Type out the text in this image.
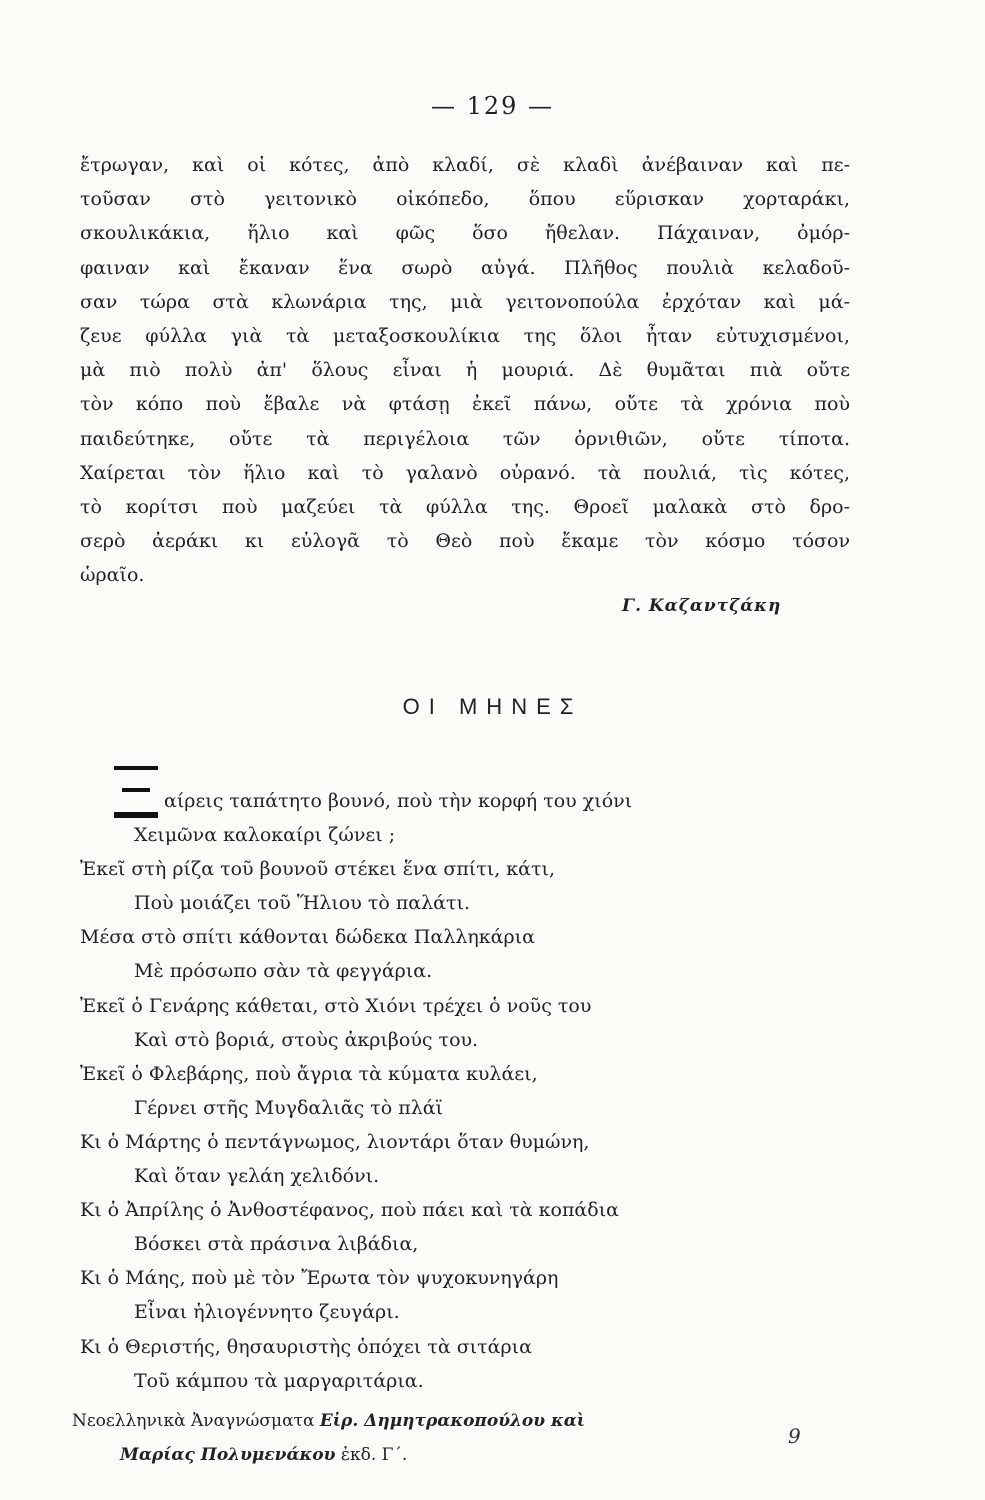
— 129 —
ἔτρωγαν, καὶ οἱ κότες, ἀπὸ κλαδί, σὲ κλαδὶ ἀνέβαιναν καὶ πε-
τοῦσαν στὸ γειτονικὸ οἰκόπεδο, ὅπου εὕρισκαν χορταράκι,
σκουλικάκια, ἥλιο καὶ φῶς ὅσο ἤθελαν. Πάχαιναν, ὀμόρ-
φαιναν καὶ ἔκαναν ἕνα σωρὸ αὐγά. Πλῆθος πουλιὰ κελαδοῦ-
σαν τώρα στὰ κλωνάρια της, μιὰ γειτονοπούλα ἐρχόταν καὶ μά-
ζευε φύλλα γιὰ τὰ μεταξοσκουλίκια της ὅλοι ἦταν εὐτυχισμένοι,
μὰ πιὸ πολὺ ἀπ' ὅλους εἶναι ἡ μουριά. Δὲ θυμᾶται πιὰ οὔτε
τὸν κόπο ποὺ ἔβαλε νὰ φτάσῃ ἐκεῖ πάνω, οὔτε τὰ χρόνια ποὺ
παιδεύτηκε, οὔτε τὰ περιγέλοια τῶν ὀρνιθιῶν, οὔτε τίποτα.
Χαίρεται τὸν ἥλιο καὶ τὸ γαλανὸ οὐρανό. τὰ πουλιά, τὶς κότες,
τὸ κορίτσι ποὺ μαζεύει τὰ φύλλα της. Θροεῖ μαλακὰ στὸ δρο-
σερὸ ἀεράκι κι εὐλογᾶ τὸ Θεὸ ποὺ ἔκαμε τὸν κόσμο τόσον
ὡραῖο.
Γ. Καζαντζάκη
ΟΙ ΜΗΝΕΣ
αίρεις ταπάτητο βουνό, ποὺ τὴν κορφή του χιόνι
Χειμῶνα καλοκαίρι ζώνει ;
Ἐκεῖ στὴ ρίζα τοῦ βουνοῦ στέκει ἕνα σπίτι, κάτι,
Ποὺ μοιάζει τοῦ Ἥλιου τὸ παλάτι.
Μέσα στὸ σπίτι κάθονται δώδεκα Παλληκάρια
Μὲ πρόσωπο σὰν τὰ φεγγάρια.
Ἐκεῖ ὁ Γενάρης κάθεται, στὸ Χιόνι τρέχει ὁ νοῦς του
Καὶ στὸ βοριά, στοὺς ἀκριβούς του.
Ἐκεῖ ὁ Φλεβάρης, ποὺ ἄγρια τὰ κύματα κυλάει,
Γέρνει στῆς Μυγδαλιᾶς τὸ πλάϊ
Κι ὁ Μάρτης ὁ πεντάγνωμος, λιοντάρι ὅταν θυμώνη,
Καὶ ὅταν γελάη χελιδόνι.
Κι ὁ Ἀπρίλης ὁ Ἀνθοστέφανος, ποὺ πάει καὶ τὰ κοπάδια
Βόσκει στὰ πράσινα λιβάδια,
Κι ὁ Μάης, ποὺ μὲ τὸν Ἔρωτα τὸν ψυχοκυνηγάρη
Εἶναι ἡλιογέννητο ζευγάρι.
Κι ὁ Θεριστής, θησαυριστὴς ὁπόχει τὰ σιτάρια
Τοῦ κάμπου τὰ μαργαριτάρια.
Νεοελληνικὰ Ἀναγνώσματα Εἰρ. Δημητρακοπούλου καὶ
Μαρίας Πολυμενάκου ἐκδ. Γ΄.
9
